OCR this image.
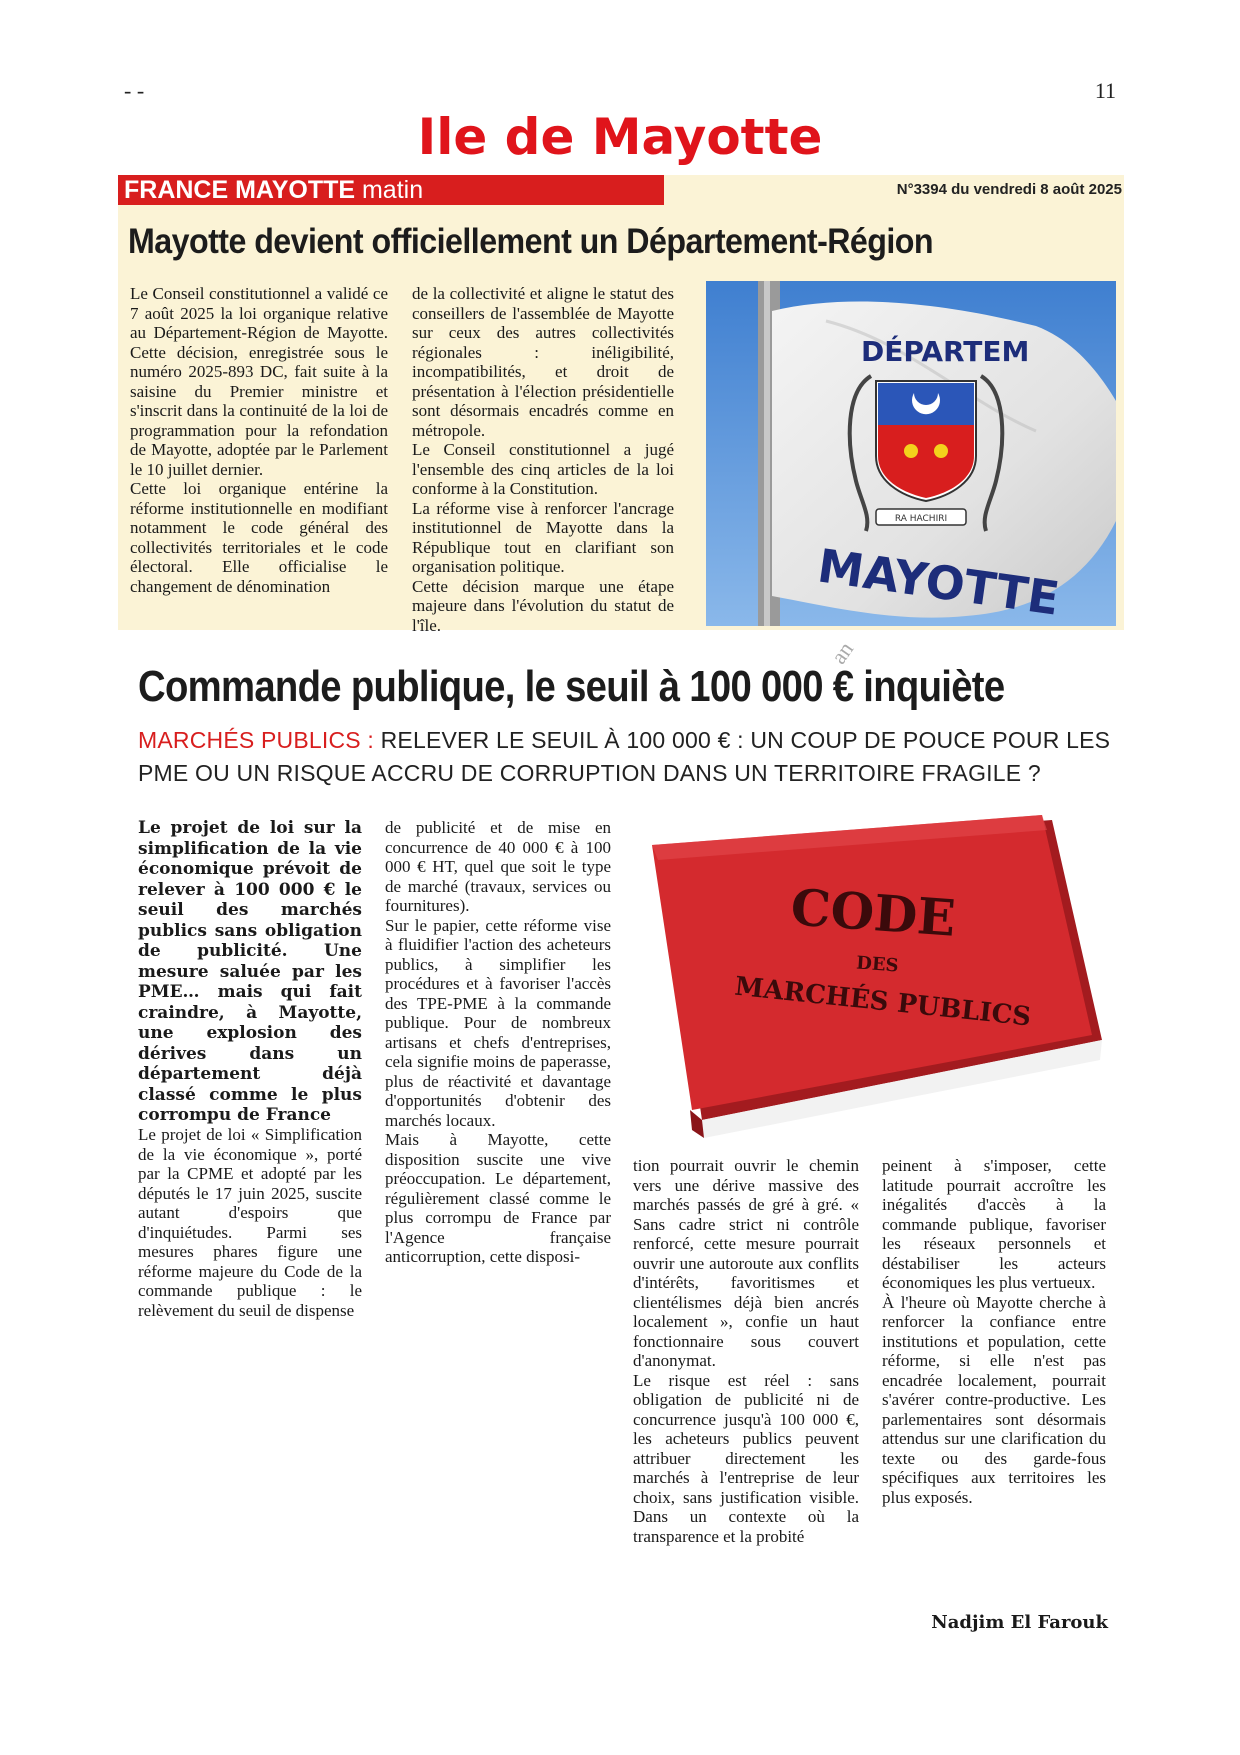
- -	11
Ile de Mayotte
FRANCE MAYOTTE matin	N°3394 du vendredi 8 août 2025
Mayotte devient officiellement un Département-Région

Le Conseil constitutionnel a validé ce 7 août 2025 la loi organique relative au Département-Région de Mayotte. Cette décision, enregistrée sous le numéro 2025-893 DC, fait suite à la saisine du Premier ministre et s'inscrit dans la continuité de la loi de programmation pour la refondation de Mayotte, adoptée par le Parlement le 10 juillet dernier.

Cette loi organique entérine la réforme institutionnelle en modifiant notamment le code général des collectivités territoriales et le code électoral. Elle officialise le changement de dénomination

de la collectivité et aligne le statut des conseillers de l'assemblée de Mayotte sur ceux des autres collectivités régionales : inéligibilité, incompatibilités, et droit de présentation à l'élection présidentielle sont désormais encadrés comme en métropole.

Le Conseil constitutionnel a jugé l'ensemble des cinq articles de la loi conforme à la Constitution.

La réforme vise à renforcer l'ancrage institutionnel de Mayotte dans la République tout en clarifiant son organisation politique.

Cette décision marque une étape majeure dans l'évolution du statut de l'île.

DÉPARTEM
RA HACHIRI
MAYOTTE
an
Commande publique, le seuil à 100 000 € inquiète
MARCHÉS PUBLICS : RELEVER LE SEUIL À 100 000 € : UN COUP DE POUCE POUR LES PME OU UN RISQUE ACCRU DE CORRUPTION DANS UN TERRITOIRE FRAGILE ?
Le projet de loi sur la simplification de la vie économique prévoit de relever à 100 000 € le seuil des marchés publics sans obligation de publicité. Une mesure saluée par les PME… mais qui fait craindre, à Mayotte, une explosion des dérives dans un département déjà classé comme le plus corrompu de France

Le projet de loi « Simplification de la vie économique », porté par la CPME et adopté par les députés le 17 juin 2025, suscite autant d'espoirs que d'inquiétudes. Parmi ses mesures phares figure une réforme majeure du Code de la commande publique : le relèvement du seuil de dispense

de publicité et de mise en concurrence de 40 000 € à 100 000 € HT, quel que soit le type de marché (travaux, services ou fournitures).

Sur le papier, cette réforme vise à fluidifier l'action des acheteurs publics, à simplifier les procédures et à favoriser l'accès des TPE-PME à la commande publique. Pour de nombreux artisans et chefs d'entreprises, cela signifie moins de paperasse, plus de réactivité et davantage d'opportunités d'obtenir des marchés locaux.

Mais à Mayotte, cette disposition suscite une vive préoccupation. Le département, régulièrement classé comme le plus corrompu de France par l'Agence française anticorruption, cette disposi-

CODE
DES
MARCHÉS PUBLICS

tion pourrait ouvrir le chemin vers une dérive massive des marchés passés de gré à gré. « Sans cadre strict ni contrôle renforcé, cette mesure pourrait ouvrir une autoroute aux conflits d'intérêts, favoritismes et clientélismes déjà bien ancrés localement », confie un haut fonctionnaire sous couvert d'anonymat.

Le risque est réel : sans obligation de publicité ni de concurrence jusqu'à 100 000 €, les acheteurs publics peuvent attribuer directement les marchés à l'entreprise de leur choix, sans justification visible. Dans un contexte où la transparence et la probité

peinent à s'imposer, cette latitude pourrait accroître les inégalités d'accès à la commande publique, favoriser les réseaux personnels et déstabiliser les acteurs économiques les plus vertueux.

À l'heure où Mayotte cherche à renforcer la confiance entre institutions et population, cette réforme, si elle n'est pas encadrée localement, pourrait s'avérer contre-productive. Les parlementaires sont désormais attendus sur une clarification du texte ou des garde-fous spécifiques aux territoires les plus exposés.

Nadjim El Farouk
